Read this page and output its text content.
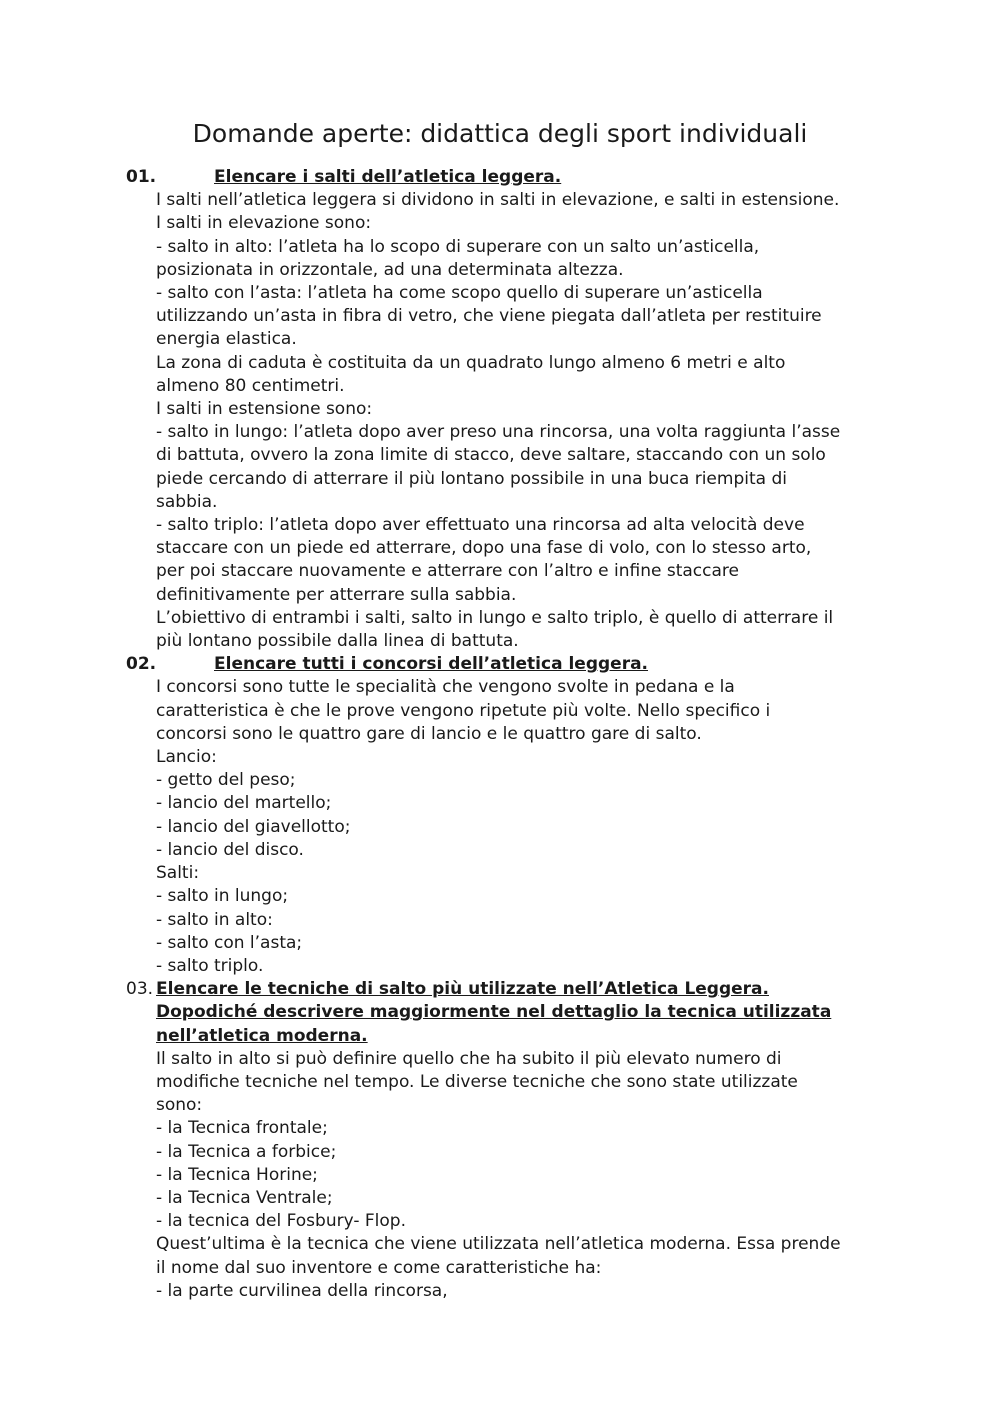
Domande aperte: didattica degli sport individuali
01.	Elencare i salti dell’atletica leggera.
I salti nell’atletica leggera si dividono in salti in elevazione, e salti in estensione.
I salti in elevazione sono:
- salto in alto: l’atleta ha lo scopo di superare con un salto un’asticella,
posizionata in orizzontale, ad una determinata altezza.
- salto con l’asta: l’atleta ha come scopo quello di superare un’asticella
utilizzando un’asta in fibra di vetro, che viene piegata dall’atleta per restituire
energia elastica.
La zona di caduta è costituita da un quadrato lungo almeno 6 metri e alto
almeno 80 centimetri.
I salti in estensione sono:
- salto in lungo: l’atleta dopo aver preso una rincorsa, una volta raggiunta l’asse
di battuta, ovvero la zona limite di stacco, deve saltare, staccando con un solo
piede cercando di atterrare il più lontano possibile in una buca riempita di
sabbia.
- salto triplo: l’atleta dopo aver effettuato una rincorsa ad alta velocità deve
staccare con un piede ed atterrare, dopo una fase di volo, con lo stesso arto,
per poi staccare nuovamente e atterrare con l’altro e infine staccare
definitivamente per atterrare sulla sabbia.
L’obiettivo di entrambi i salti, salto in lungo e salto triplo, è quello di atterrare il
più lontano possibile dalla linea di battuta.
02.	Elencare tutti i concorsi dell’atletica leggera.
I concorsi sono tutte le specialità che vengono svolte in pedana e la
caratteristica è che le prove vengono ripetute più volte. Nello specifico i
concorsi sono le quattro gare di lancio e le quattro gare di salto.
Lancio:
- getto del peso;
- lancio del martello;
- lancio del giavellotto;
- lancio del disco.
Salti:
- salto in lungo;
- salto in alto:
- salto con l’asta;
- salto triplo.
03. Elencare le tecniche di salto più utilizzate nell’Atletica Leggera.
Dopodiché descrivere maggiormente nel dettaglio la tecnica utilizzata
nell’atletica moderna.
Il salto in alto si può definire quello che ha subito il più elevato numero di
modifiche tecniche nel tempo. Le diverse tecniche che sono state utilizzate
sono:
- la Tecnica frontale;
- la Tecnica a forbice;
- la Tecnica Horine;
- la Tecnica Ventrale;
- la tecnica del Fosbury- Flop.
Quest’ultima è la tecnica che viene utilizzata nell’atletica moderna. Essa prende
il nome dal suo inventore e come caratteristiche ha:
- la parte curvilinea della rincorsa,
